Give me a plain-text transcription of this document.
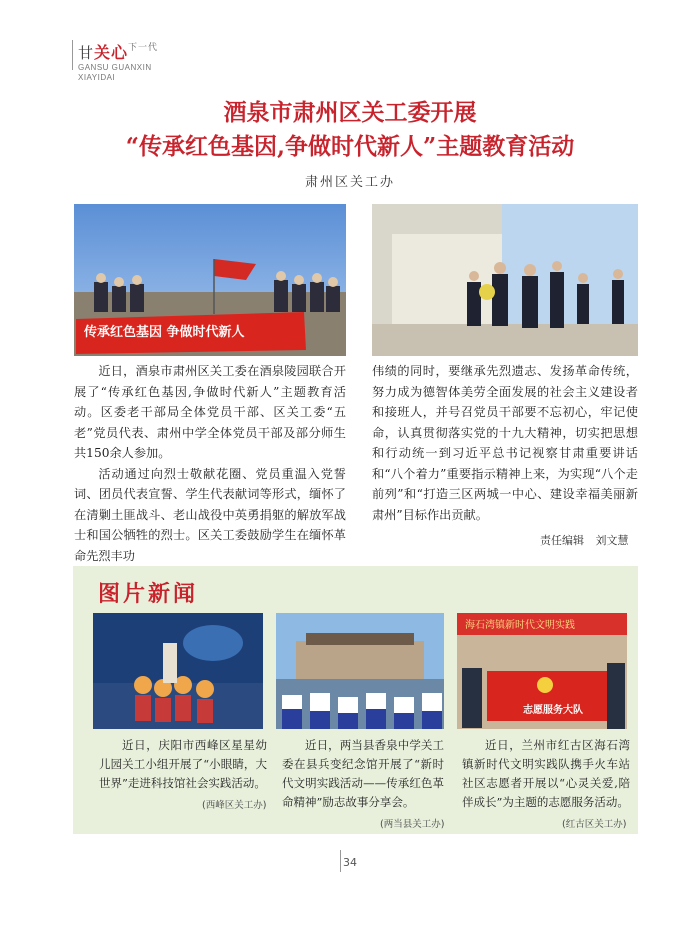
甘关心$^{下一代}$
GANSU GUANXIN
XIAYIDAI
酒泉市肃州区关工委开展
“传承红色基因,争做时代新人”主题教育活动
肃州区关工办
传承红色基因 争做时代新人

近日，酒泉市肃州区关工委在酒泉陵园联合开展了“传承红色基因,争做时代新人”主题教育活动。区委老干部局全体党员干部、区关工委“五老”党员代表、肃州中学全体党员干部及部分师生共150余人参加。

活动通过向烈士敬献花圈、党员重温入党誓词、团员代表宣誓、学生代表献词等形式，缅怀了在清剿土匪战斗、老山战役中英勇捐躯的解放军战士和国公牺牲的烈士。区关工委鼓励学生在缅怀革命先烈丰功

伟绩的同时，要继承先烈遗志、发扬革命传统，努力成为德智体美劳全面发展的社会主义建设者和接班人，并号召党员干部要不忘初心，牢记使命，认真贯彻落实党的十九大精神，切实把思想和行动统一到习近平总书记视察甘肃重要讲话和“八个着力”重要指示精神上来，为实现“八个走前列”和“打造三区两城一中心、建设幸福美丽新肃州”目标作出贡献。

责任编辑 刘文慧
图片新闻
海石湾镇新时代文明实践
志愿服务大队

近日，庆阳市西峰区星星幼儿园关工小组开展了“小眼睛，大世界”走进科技馆社会实践活动。

(西峰区关工办)

近日，两当县香泉中学关工委在县兵变纪念馆开展了“新时代文明实践活动——传承红色革命精神”励志故事分享会。

(两当县关工办)

近日，兰州市红古区海石湾镇新时代文明实践队携手火车站社区志愿者开展以“心灵关爱,陪伴成长”为主题的志愿服务活动。

(红古区关工办)
34
